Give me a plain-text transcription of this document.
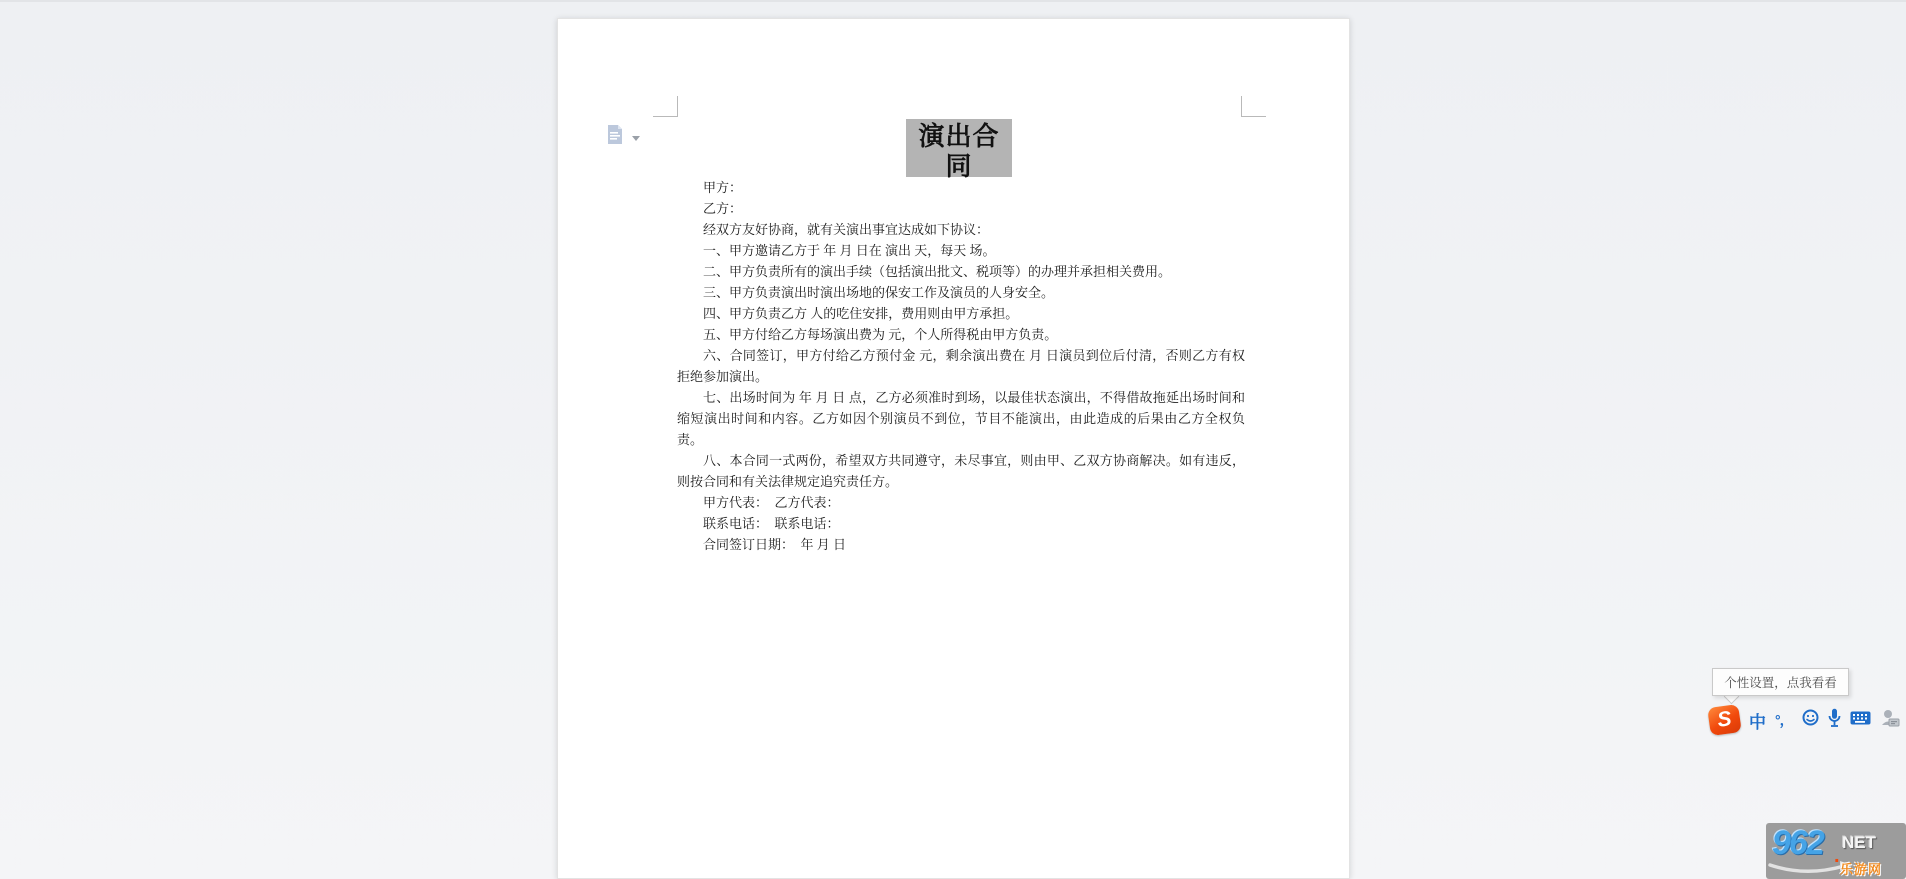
演出合同

甲方：

乙方：

经双方友好协商，就有关演出事宜达成如下协议：

一、甲方邀请乙方于 年 月 日在 演出 天，每天 场。

二、甲方负责所有的演出手续（包括演出批文、税项等）的办理并承担相关费用。

三、甲方负责演出时演出场地的保安工作及演员的人身安全。

四、甲方负责乙方 人的吃住安排，费用则由甲方承担。

五、甲方付给乙方每场演出费为 元，个人所得税由甲方负责。

六、合同签订，甲方付给乙方预付金 元，剩余演出费在 月 日演员到位后付清，否则乙方有权拒绝参加演出。

七、出场时间为 年 月 日 点，乙方必须准时到场，以最佳状态演出，不得借故拖延出场时间和缩短演出时间和内容。乙方如因个别演员不到位，节目不能演出，由此造成的后果由乙方全权负责。

八、本合同一式两份，希望双方共同遵守，未尽事宜，则由甲、乙双方协商解决。如有违反，则按合同和有关法律规定追究责任方。

甲方代表：  乙方代表：

联系电话：  联系电话：

合同签订日期：  年 月 日

个性设置，点我看看
S 中 °，
962 .
NET
乐游网
